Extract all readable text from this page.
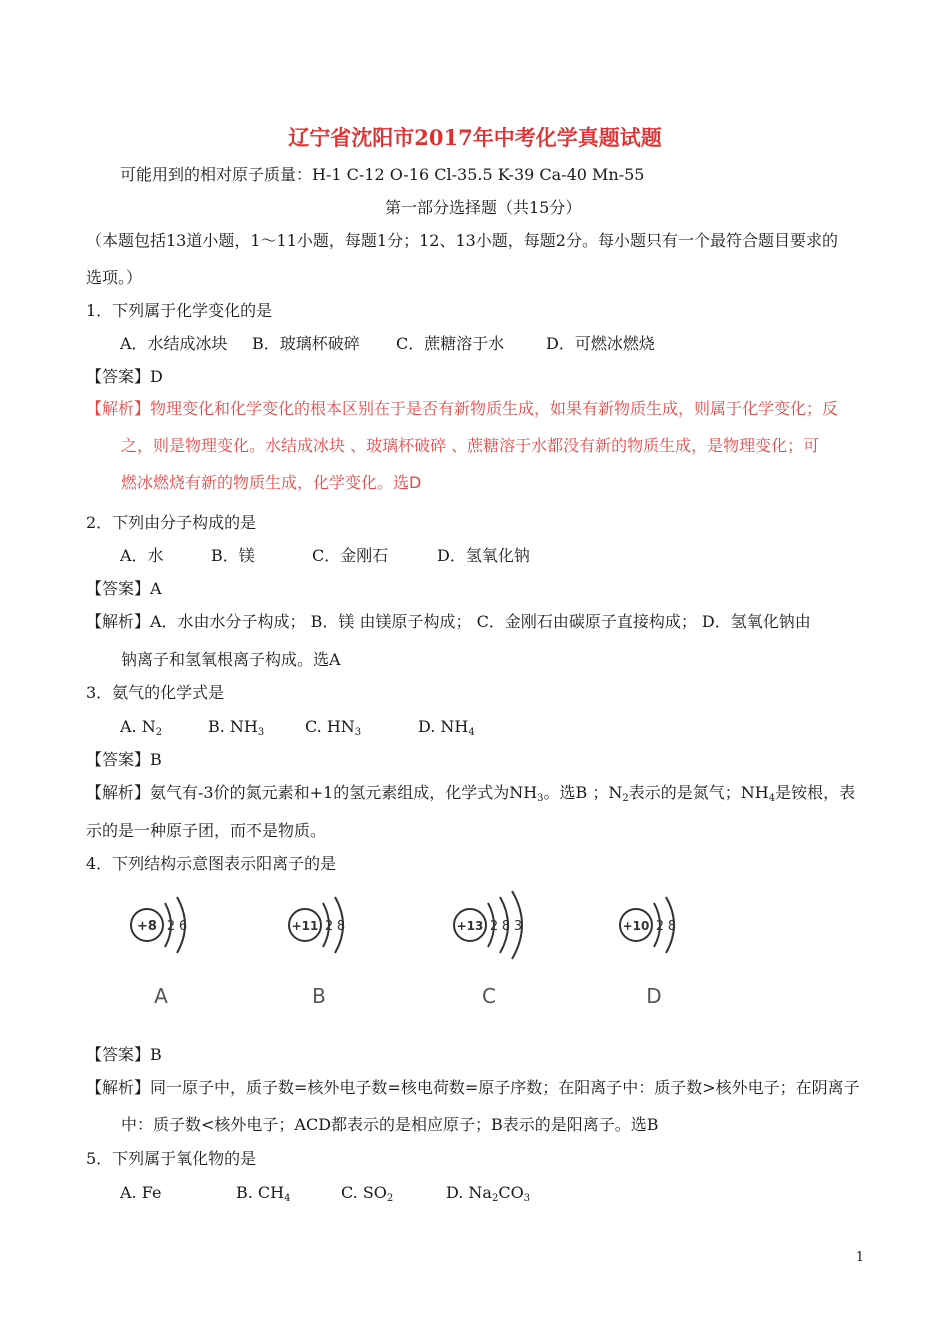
辽宁省沈阳市2017年中考化学真题试题
可能用到的相对原子质量：H-1 C-12 O-16 Cl-35.5 K-39 Ca-40 Mn-55
第一部分选择题（共15分）
（本题包括13道小题，1～11小题，每题1分；12、13小题，每题2分。每小题只有一个最符合题目要求的
选项。）
1．下列属于化学变化的是
A．水结成冰块 B．玻璃杯破碎 C．蔗糖溶于水	D．可燃冰燃烧
【答案】D
【解析】物理变化和化学变化的根本区别在于是否有新物质生成，如果有新物质生成，则属于化学变化；反
之，则是物理变化。水结成冰块 、玻璃杯破碎 、蔗糖溶于水都没有新的物质生成，是物理变化；可
燃冰燃烧有新的物质生成，化学变化。选D
2．下列由分子构成的是
A．水	B．镁	C．金刚石	D．氢氧化钠
【答案】A
【解析】A．水由水分子构成； B．镁 由镁原子构成； C．金刚石由碳原子直接构成； D．氢氧化钠由
钠离子和氢氧根离子构成。选A
3．氨气的化学式是
A. $N_2$	B. $NH_3$	C. $HN_3$	D. $NH_4$
【答案】B
【解析】氨气有-3价的氮元素和+1的氢元素组成，化学式为$NH_3$。选B ；$N_2$表示的是氮气；$NH_4$是铵根，表
示的是一种原子团，而不是物质。
4．下列结构示意图表示阳离子的是
+8 2 6
A
+11 2 8
B
+13 2 8 3
C
+10 2 8
D
【答案】B
【解析】同一原子中，质子数=核外电子数=核电荷数=原子序数；在阳离子中：质子数>核外电子；在阴离子
中：质子数<核外电子；ACD都表示的是相应原子；B表示的是阳离子。选B
5．下列属于氧化物的是
A. Fe	B. $CH_4$	C. $SO_2$	D. $Na_2CO_3$
1
